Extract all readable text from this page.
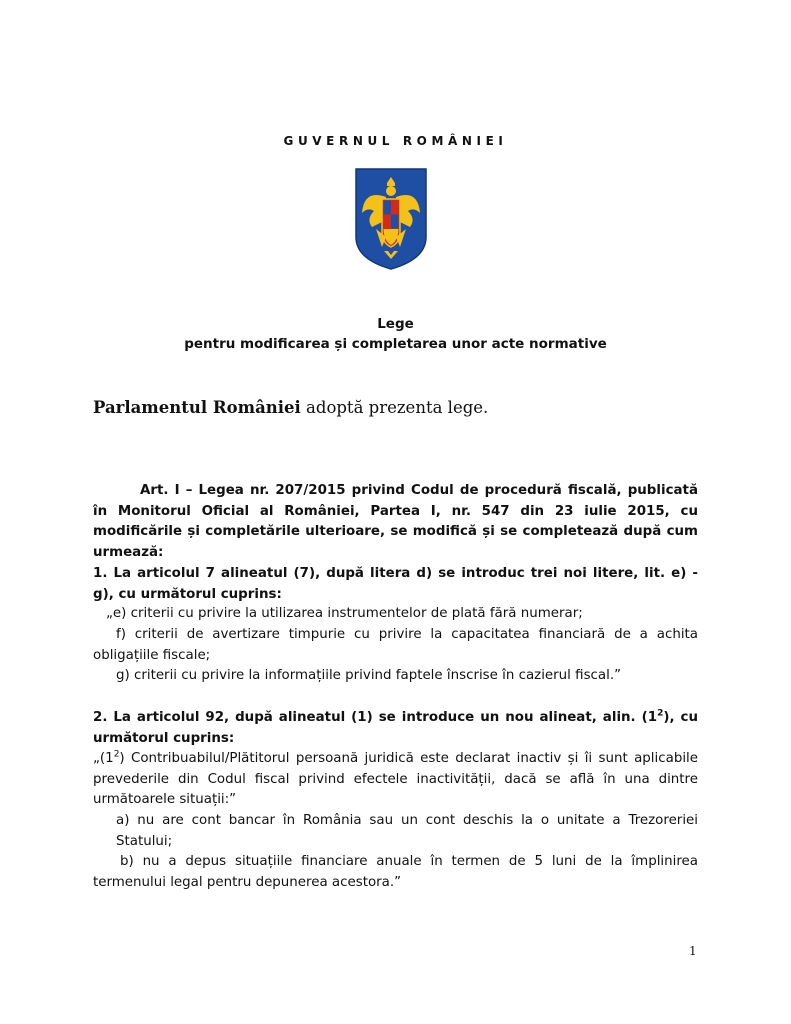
GUVERNUL ROMÂNIEI
Lege
pentru modificarea și completarea unor acte normative
Parlamentul României adoptă prezenta lege.
Art. I – Legea nr. 207/2015 privind Codul de procedură fiscală, publicată în Monitorul Oficial al României, Partea I, nr. 547 din 23 iulie 2015, cu modificările și completările ulterioare, se modifică și se completează după cum urmează:
1. La articolul 7 alineatul (7), după litera d) se introduc trei noi litere, lit. e) - g), cu următorul cuprins:
„e) criterii cu privire la utilizarea instrumentelor de plată fără numerar;
f) criterii de avertizare timpurie cu privire la capacitatea financiară de a achita obligațiile fiscale;
g) criterii cu privire la informațiile privind faptele înscrise în cazierul fiscal.”
2. La articolul 92, după alineatul (1) se introduce un nou alineat, alin. $(1^2)$, cu următorul cuprins:
$„(1^2)$ Contribuabilul/Plătitorul persoană juridică este declarat inactiv și îi sunt aplicabile prevederile din Codul fiscal privind efectele inactivității, dacă se află în una dintre următoarele situații:”
a) nu are cont bancar în România sau un cont deschis la o unitate a Trezoreriei Statului;
b) nu a depus situațiile financiare anuale în termen de 5 luni de la împlinirea termenului legal pentru depunerea acestora.”
1
